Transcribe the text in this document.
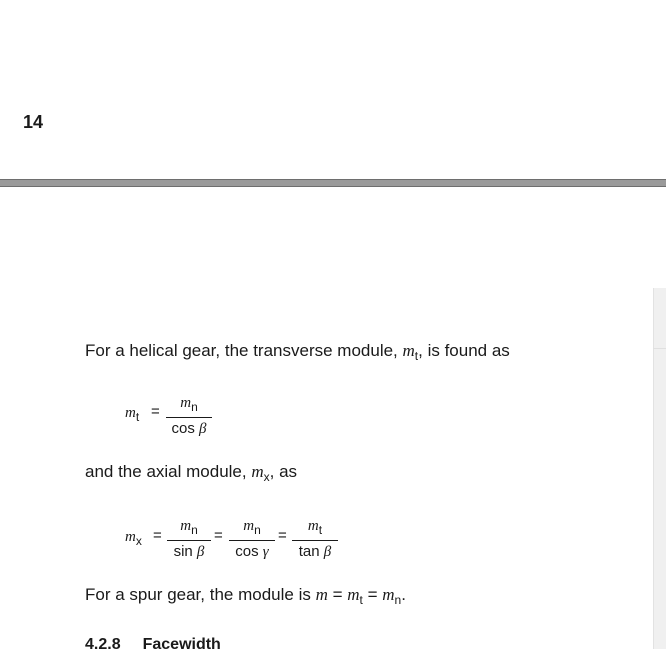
14
For a helical gear, the transverse module, $m_t$, is found as
$m_t$ =	$m_n$
cos β
and the axial module, $m_x$, as
$m_x$ =
$m_n$
sin β
=
$m_n$
cos γ
=
$m_t$
tan β
For a spur gear, the module is $m = m_t = m_n$.
4.2.8 Facewidth
